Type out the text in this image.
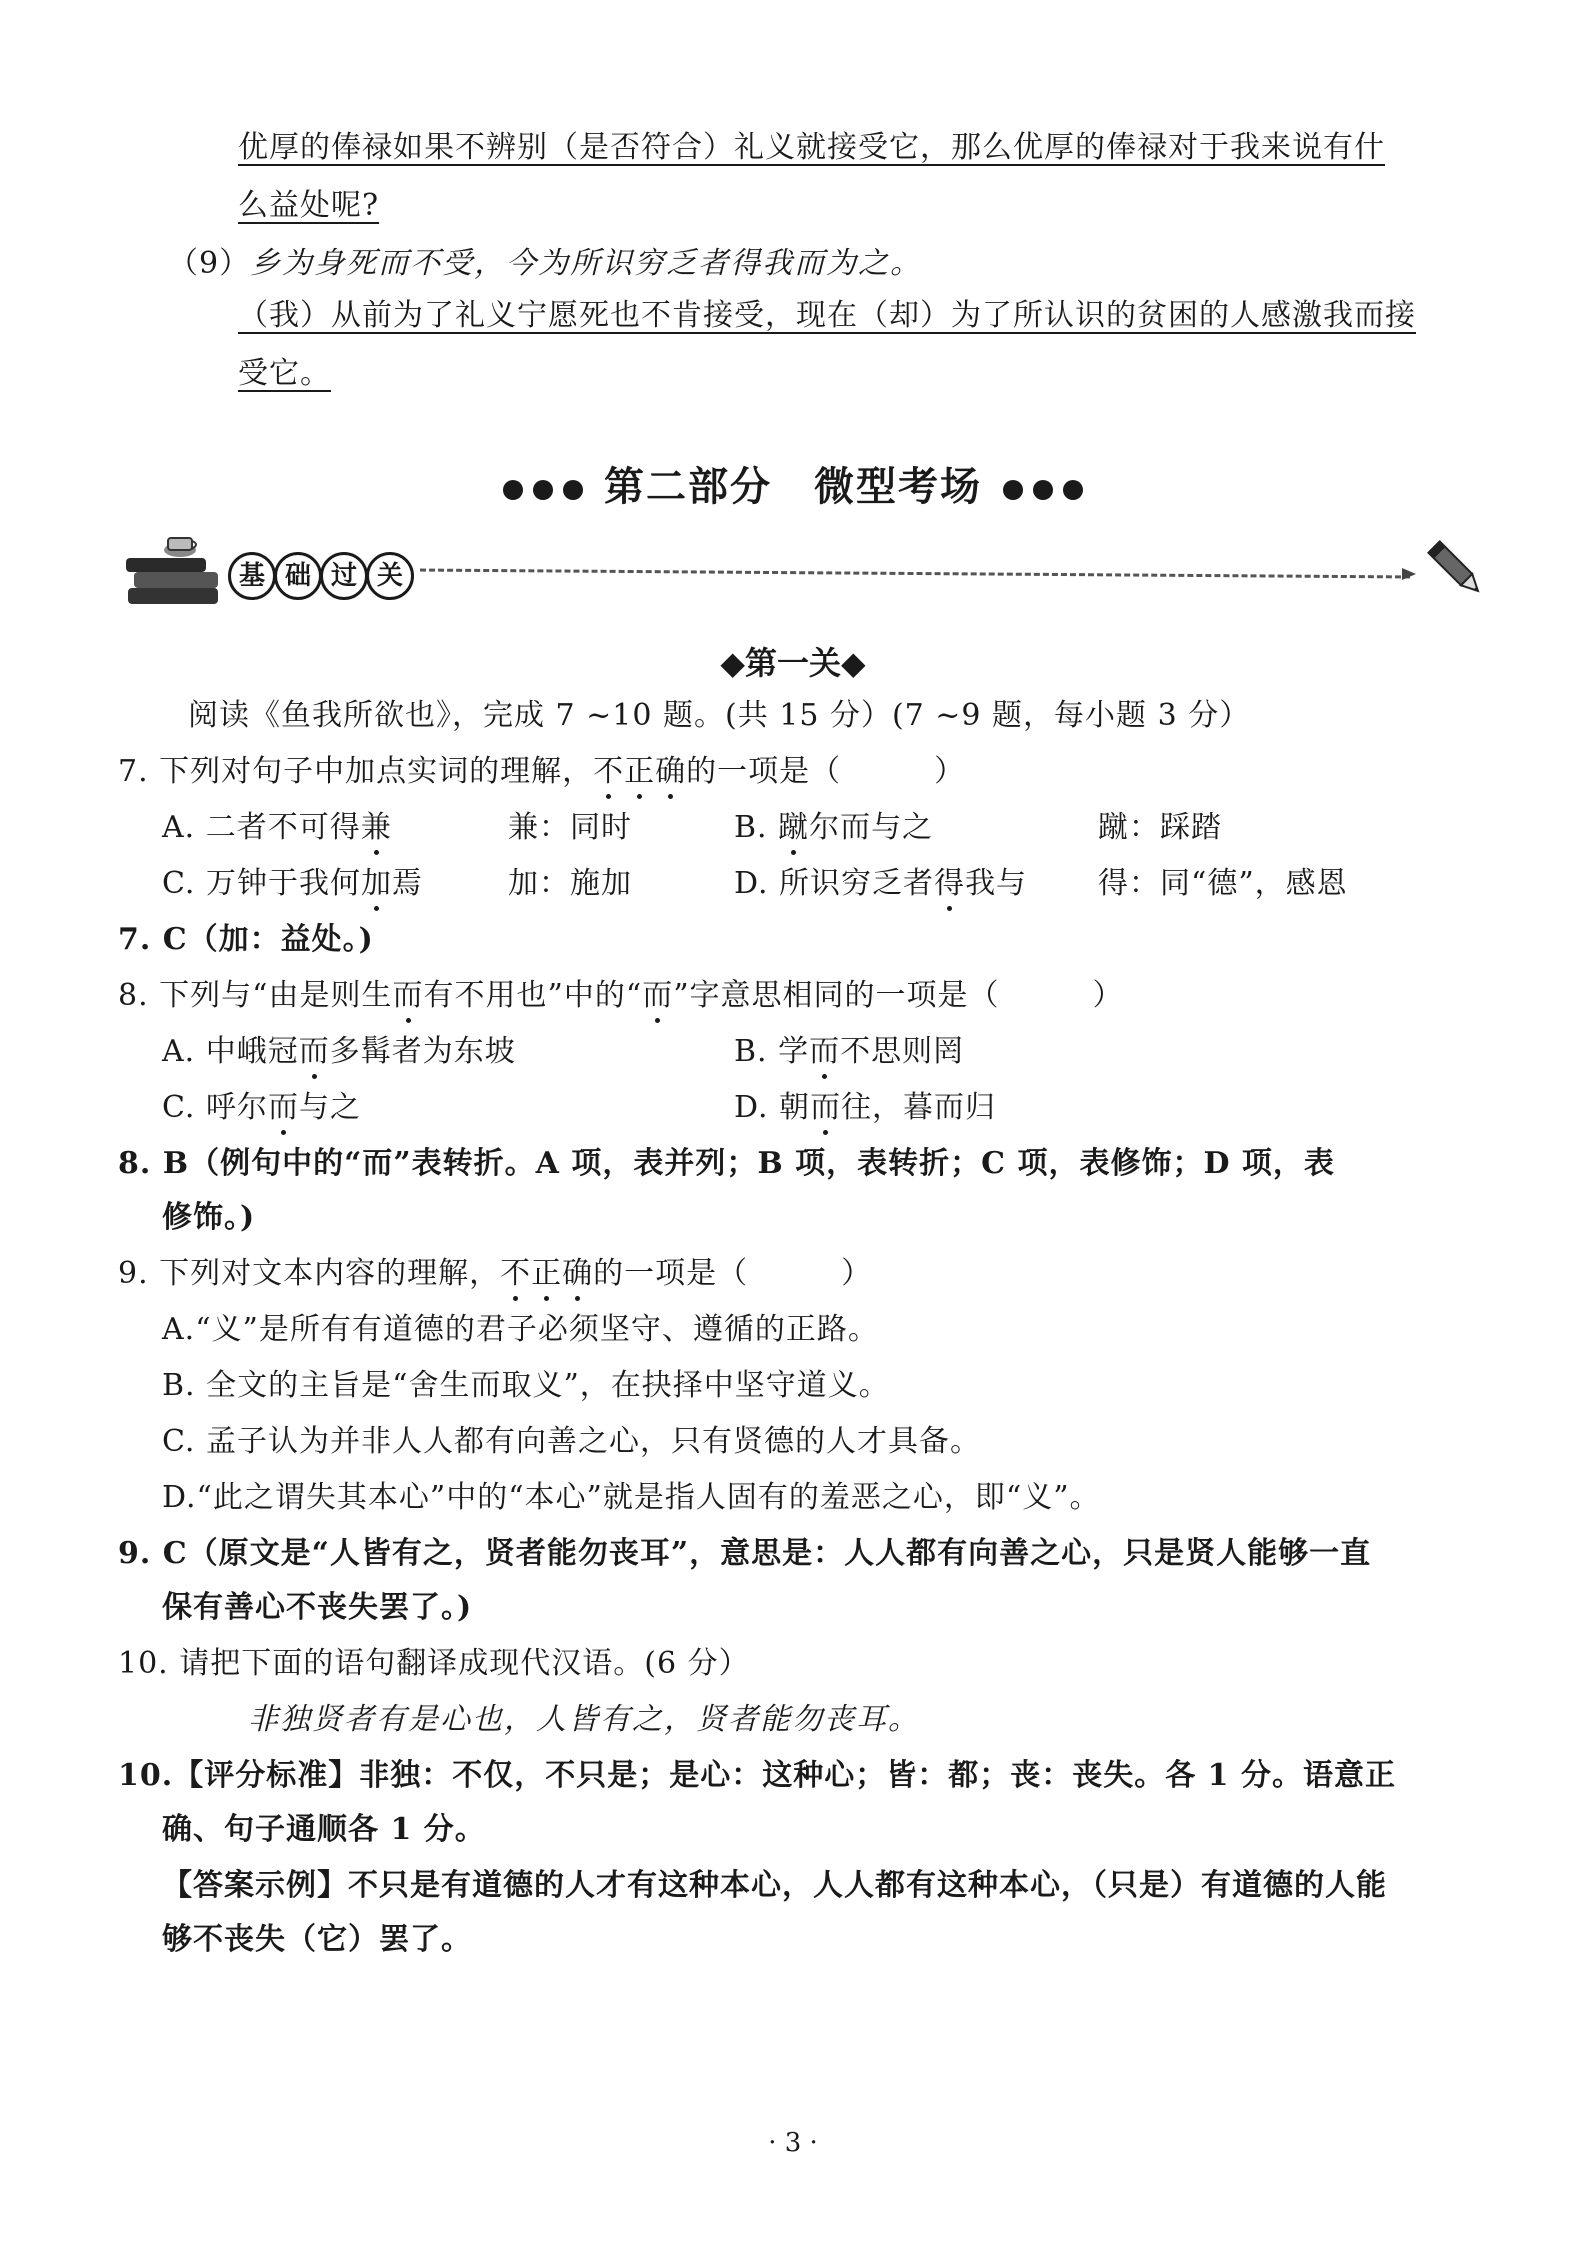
优厚的俸禄如果不辨别（是否符合）礼义就接受它，那么优厚的俸禄对于我来说有什
么益处呢?
（9）乡为身死而不受，今为所识穷乏者得我而为之。
（我）从前为了礼义宁愿死也不肯接受，现在（却）为了所认识的贫困的人感激我而接
受它。
第二部分　微型考场
基 础 过 关
◆第一关◆
阅读《鱼我所欲也》，完成 7 ~10 题。(共 15 分）(7 ~9 题，每小题 3 分）
7. 下列对句子中加点实词的理解，不正确的一项是（　　　）
A. 二者不可得兼	兼：同时	B. 蹴尔而与之	蹴：踩踏
C. 万钟于我何加焉	加：施加	D. 所识穷乏者得我与 得：同“德”，感恩
7. C（加：益处。)
8. 下列与“由是则生而有不用也”中的“而”字意思相同的一项是（　　　）
A. 中峨冠而多髯者为东坡	B. 学而不思则罔
C. 呼尔而与之	D. 朝而往，暮而归
8. B（例句中的“而”表转折。A 项，表并列；B 项，表转折；C 项，表修饰；D 项，表
修饰。)
9. 下列对文本内容的理解，不正确的一项是（　　　）
A.“义”是所有有道德的君子必须坚守、遵循的正路。
B. 全文的主旨是“舍生而取义”，在抉择中坚守道义。
C. 孟子认为并非人人都有向善之心，只有贤德的人才具备。
D.“此之谓失其本心”中的“本心”就是指人固有的羞恶之心，即“义”。
9. C（原文是“人皆有之，贤者能勿丧耳”，意思是：人人都有向善之心，只是贤人能够一直
保有善心不丧失罢了。)
10. 请把下面的语句翻译成现代汉语。(6 分）
非独贤者有是心也，人皆有之，贤者能勿丧耳。
10.【评分标准】非独：不仅，不只是；是心：这种心；皆：都；丧：丧失。各 1 分。语意正
确、句子通顺各 1 分。
【答案示例】不只是有道德的人才有这种本心，人人都有这种本心，（只是）有道德的人能
够不丧失（它）罢了。
· 3 ·
